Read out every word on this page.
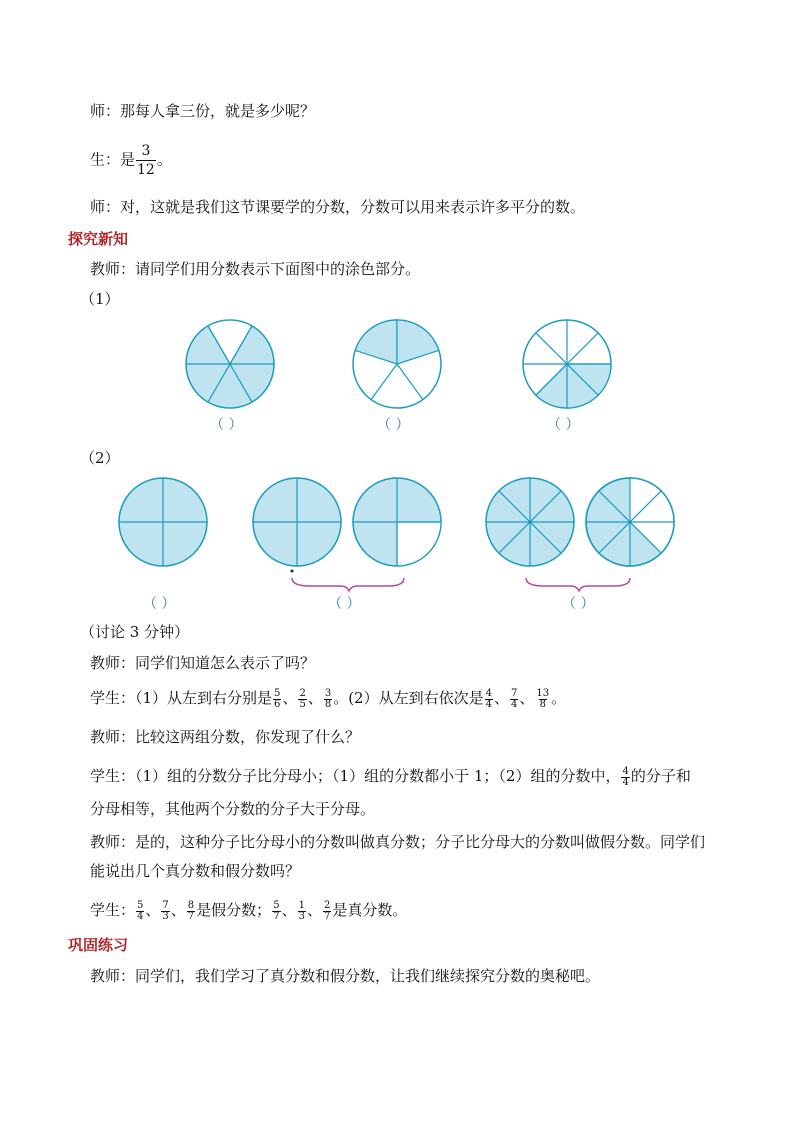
师：那每人拿三份，就是多少呢？
生：是 $\frac{3}{12}$ 。
师：对，这就是我们这节课要学的分数，分数可以用来表示许多平分的数。
探究新知
教师：请同学们用分数表示下面图中的涂色部分。
（1）
（ ）	（ ）	（ ）
（2）
（ ）	（ ）	（ ）
（讨论 3 分钟）
教师：同学们知道怎么表示了吗？
学生：（1）从左到右分别是 $\frac{5}{6}$ 、 $\frac{2}{5}$ 、 $\frac{3}{8}$ 。(2）从左到右依次是 $\frac{4}{4}$ 、 $\frac{7}{4}$ 、 $\frac{13}{8}$ 。
教师：比较这两组分数，你发现了什么？
学生：（1）组的分数分子比分母小；（1）组的分数都小于 1；（2）组的分数中， $\frac{4}{4}$ 的分子和
分母相等，其他两个分数的分子大于分母。
教师：是的，这种分子比分母小的分数叫做真分数；分子比分母大的分数叫做假分数。同学们
能说出几个真分数和假分数吗？
学生： $\frac{5}{4}$ 、 $\frac{7}{3}$ 、 $\frac{8}{7}$ 是假分数； $\frac{5}{7}$ 、 $\frac{1}{3}$ 、 $\frac{2}{7}$ 是真分数。
巩固练习
教师：同学们，我们学习了真分数和假分数，让我们继续探究分数的奥秘吧。
